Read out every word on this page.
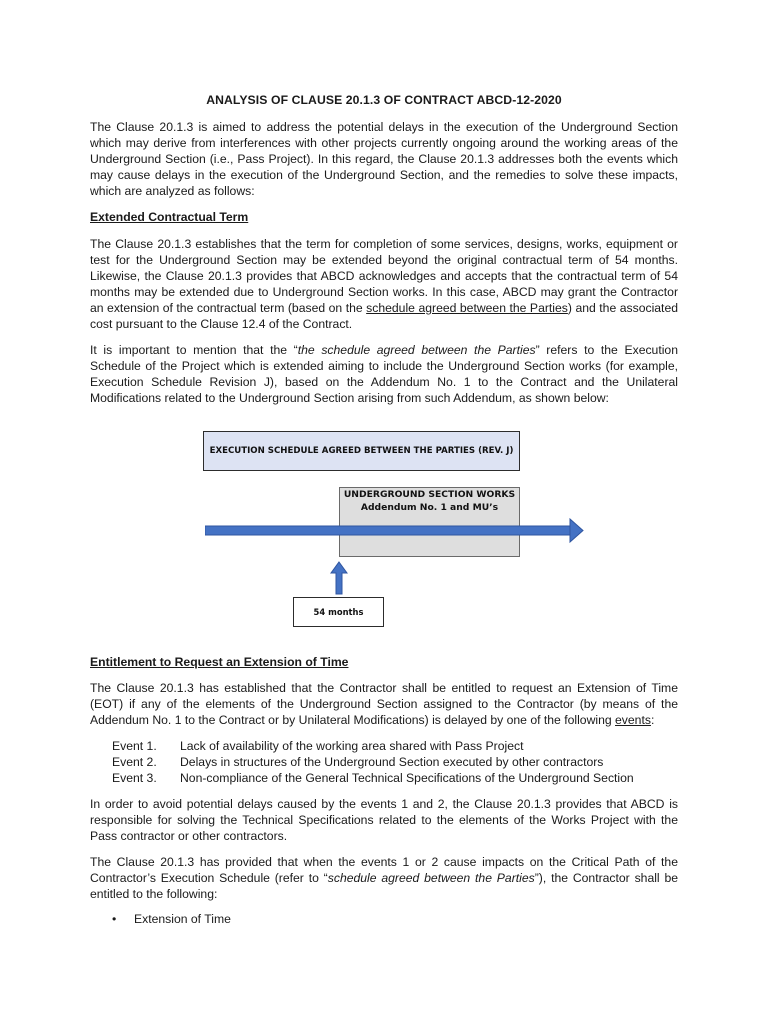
ANALYSIS OF CLAUSE 20.1.3 OF CONTRACT ABCD-12-2020

The Clause 20.1.3 is aimed to address the potential delays in the execution of the Underground Section which may derive from interferences with other projects currently ongoing around the working areas of the Underground Section (i.e., Pass Project). In this regard, the Clause 20.1.3 addresses both the events which may cause delays in the execution of the Underground Section, and the remedies to solve these impacts, which are analyzed as follows:

Extended Contractual Term

The Clause 20.1.3 establishes that the term for completion of some services, designs, works, equipment or test for the Underground Section may be extended beyond the original contractual term of 54 months. Likewise, the Clause 20.1.3 provides that ABCD acknowledges and accepts that the contractual term of 54 months may be extended due to Underground Section works. In this case, ABCD may grant the Contractor an extension of the contractual term (based on the schedule agreed between the Parties) and the associated cost pursuant to the Clause 12.4 of the Contract.

It is important to mention that the “the schedule agreed between the Parties” refers to the Execution Schedule of the Project which is extended aiming to include the Underground Section works (for example, Execution Schedule Revision J), based on the Addendum No. 1 to the Contract and the Unilateral Modifications related to the Underground Section arising from such Addendum, as shown below:

Entitlement to Request an Extension of Time

The Clause 20.1.3 has established that the Contractor shall be entitled to request an Extension of Time (EOT) if any of the elements of the Underground Section assigned to the Contractor (by means of the Addendum No. 1 to the Contract or by Unilateral Modifications) is delayed by one of the following events:

Event 1.	Lack of availability of the working area shared with Pass Project
Event 2.	Delays in structures of the Underground Section executed by other contractors
Event 3.	Non-compliance of the General Technical Specifications of the Underground Section

In order to avoid potential delays caused by the events 1 and 2, the Clause 20.1.3 provides that ABCD is responsible for solving the Technical Specifications related to the elements of the Works Project with the Pass contractor or other contractors.

The Clause 20.1.3 has provided that when the events 1 or 2 cause impacts on the Critical Path of the Contractor’s Execution Schedule (refer to “schedule agreed between the Parties”), the Contractor shall be entitled to the following:

• Extension of Time
EXECUTION SCHEDULE AGREED BETWEEN THE PARTIES (REV. J)
UNDERGROUND SECTION WORKS
Addendum No. 1 and MU’s
54 months
